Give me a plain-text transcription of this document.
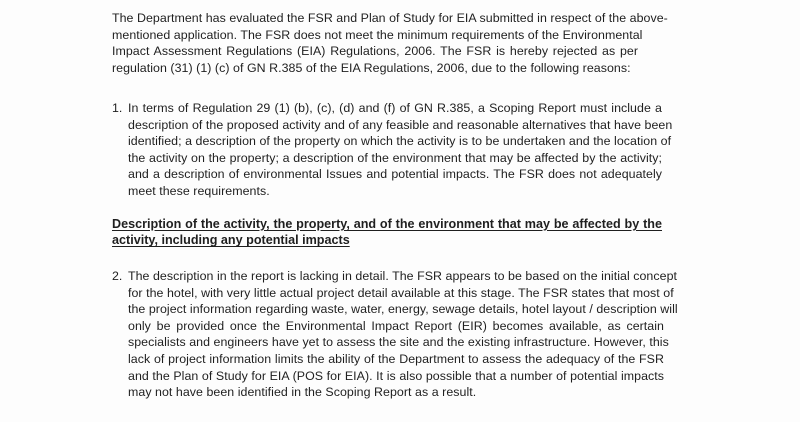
The Department has evaluated the FSR and Plan of Study for EIA submitted in respect of the above-
mentioned application. The FSR does not meet the minimum requirements of the Environmental
Impact Assessment Regulations (EIA) Regulations, 2006. The FSR is hereby rejected as per
regulation (31) (1) (c) of GN R.385 of the EIA Regulations, 2006, due to the following reasons:
1. In terms of Regulation 29 (1) (b), (c), (d) and (f) of GN R.385, a Scoping Report must include a
description of the proposed activity and of any feasible and reasonable alternatives that have been
identified; a description of the property on which the activity is to be undertaken and the location of
the activity on the property; a description of the environment that may be affected by the activity;
and a description of environmental Issues and potential impacts. The FSR does not adequately
meet these requirements.
Description of the activity, the property, and of the environment that may be affected by the
activity, including any potential impacts
2. The description in the report is lacking in detail. The FSR appears to be based on the initial concept
for the hotel, with very little actual project detail available at this stage. The FSR states that most of
the project information regarding waste, water, energy, sewage details, hotel layout / description will
only be provided once the Environmental Impact Report (EIR) becomes available, as certain
specialists and engineers have yet to assess the site and the existing infrastructure. However, this
lack of project information limits the ability of the Department to assess the adequacy of the FSR
and the Plan of Study for EIA (POS for EIA). It is also possible that a number of potential impacts
may not have been identified in the Scoping Report as a result.
